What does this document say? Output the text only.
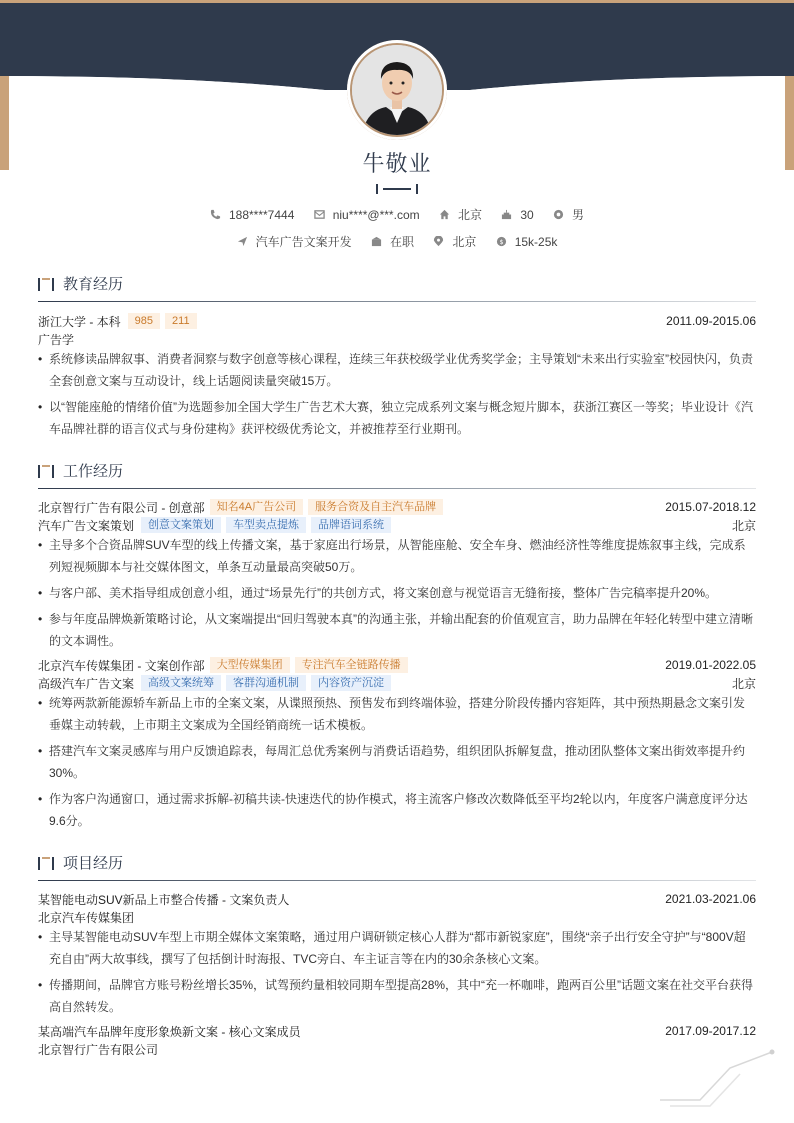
牛敬业
188****7444
	niu****@***.com
	北京
	30
	男
汽车广告文案开发
	在职
	北京
	$ 15k-25k
教育经历
浙江大学 - 本科	985	211	2011.09-2015.06
广告学
• 系统修读品牌叙事、消费者洞察与数字创意等核心课程，连续三年获校级学业优秀奖学金；主导策划“未来出行实验室”校园快闪，负责全套创意文案与互动设计，线上话题阅读量突破15万。
• 以“智能座舱的情绪价值”为选题参加全国大学生广告艺术大赛，独立完成系列文案与概念短片脚本，获浙江赛区一等奖；毕业设计《汽车品牌社群的语言仪式与身份建构》获评校级优秀论文，并被推荐至行业期刊。
工作经历
北京智行广告有限公司 - 创意部	知名4A广告公司	服务合资及自主汽车品牌	2015.07-2018.12
汽车广告文案策划	创意文案策划	车型卖点提炼	品牌语词系统	北京
• 主导多个合资品牌SUV车型的线上传播文案，基于家庭出行场景，从智能座舱、安全车身、燃油经济性等维度提炼叙事主线，完成系列短视频脚本与社交媒体图文，单条互动量最高突破50万。
• 与客户部、美术指导组成创意小组，通过“场景先行”的共创方式，将文案创意与视觉语言无缝衔接，整体广告完稿率提升20%。
• 参与年度品牌焕新策略讨论，从文案端提出“回归驾驶本真”的沟通主张，并输出配套的价值观宣言，助力品牌在年轻化转型中建立清晰的文本调性。
北京汽车传媒集团 - 文案创作部	大型传媒集团	专注汽车全链路传播	2019.01-2022.05
高级汽车广告文案	高级文案统筹	客群沟通机制	内容资产沉淀	北京
• 统筹两款新能源轿车新品上市的全案文案，从谍照预热、预售发布到终端体验，搭建分阶段传播内容矩阵，其中预热期悬念文案引发垂媒主动转载，上市期主文案成为全国经销商统一话术模板。
• 搭建汽车文案灵感库与用户反馈追踪表，每周汇总优秀案例与消费话语趋势，组织团队拆解复盘，推动团队整体文案出街效率提升约30%。
• 作为客户沟通窗口，通过需求拆解-初稿共读-快速迭代的协作模式，将主流客户修改次数降低至平均2轮以内，年度客户满意度评分达9.6分。
项目经历
某智能电动SUV新品上市整合传播 - 文案负责人	2021.03-2021.06
北京汽车传媒集团
• 主导某智能电动SUV车型上市期全媒体文案策略，通过用户调研锁定核心人群为“都市新锐家庭”，围绕“亲子出行安全守护”与“800V超充自由”两大故事线，撰写了包括倒计时海报、TVC旁白、车主证言等在内的30余条核心文案。
• 传播期间，品牌官方账号粉丝增长35%，试驾预约量相较同期车型提高28%，其中“充一杯咖啡，跑两百公里”话题文案在社交平台获得高自然转发。
某高端汽车品牌年度形象焕新文案 - 核心文案成员	2017.09-2017.12
北京智行广告有限公司
